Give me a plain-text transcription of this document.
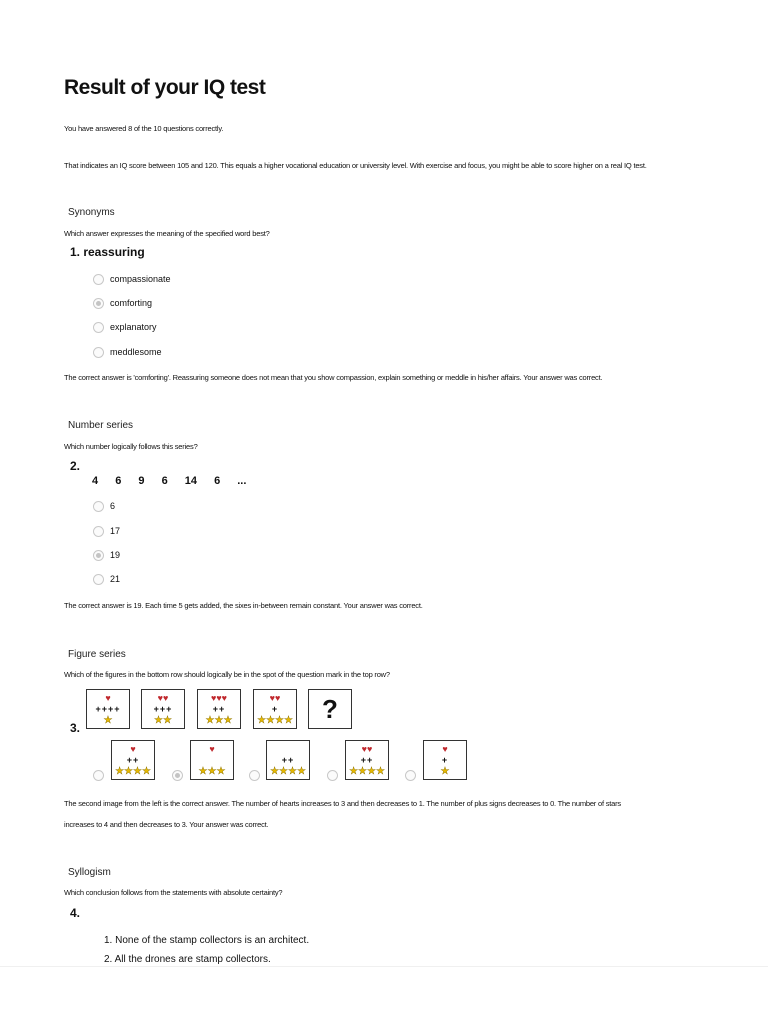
Result of your IQ test
You have answered 8 of the 10 questions correctly.
That indicates an IQ score between 105 and 120. This equals a higher vocational education or university level. With exercise and focus, you might be able to score higher on a real IQ test.
Synonyms
Which answer expresses the meaning of the specified word best?
1. reassuring
compassionate
comforting
explanatory
meddlesome
The correct answer is 'comforting'. Reassuring someone does not mean that you show compassion, explain something or meddle in his/her affairs. Your answer was correct.
Number series
Which number logically follows this series?
2.
4 6 9 6 14 6 ...
6
17
19
21
The correct answer is 19. Each time 5 gets added, the sixes in-between remain constant. Your answer was correct.
Figure series
Which of the figures in the bottom row should logically be in the spot of the question mark in the top row?
3.
♥
++++
★
♥♥
+++
★★
♥♥♥
++
★★★
♥♥
+
★★★★ ?
♥
++
★★★★
♥
★★★
++
★★★★
♥♥
++
★★★★
♥
+
★
The second image from the left is the correct answer. The number of hearts increases to 3 and then decreases to 1. The number of plus signs decreases to 0. The number of stars
increases to 4 and then decreases to 3. Your answer was correct.
Syllogism
Which conclusion follows from the statements with absolute certainty?
4.
1. None of the stamp collectors is an architect.
2. All the drones are stamp collectors.
